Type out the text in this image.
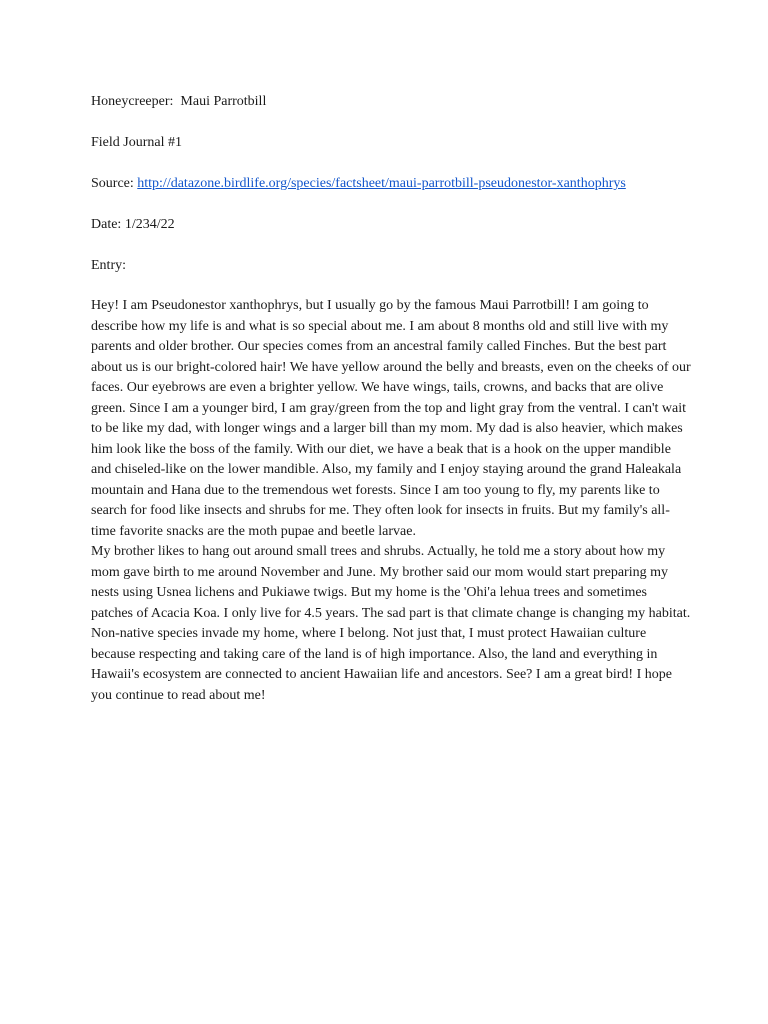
Honeycreeper: Maui Parrotbill
Field Journal #1
Source: http://datazone.birdlife.org/species/factsheet/maui-parrotbill-pseudonestor-xanthophrys
Date: 1/234/22
Entry:

Hey! I am Pseudonestor xanthophrys, but I usually go by the famous Maui Parrotbill! I am going to describe how my life is and what is so special about me. I am about 8 months old and still live with my parents and older brother. Our species comes from an ancestral family called Finches. But the best part about us is our bright-colored hair! We have yellow around the belly and breasts, even on the cheeks of our faces. Our eyebrows are even a brighter yellow. We have wings, tails, crowns, and backs that are olive green. Since I am a younger bird, I am gray/green from the top and light gray from the ventral. I can't wait to be like my dad, with longer wings and a larger bill than my mom. My dad is also heavier, which makes him look like the boss of the family. With our diet, we have a beak that is a hook on the upper mandible and chiseled-like on the lower mandible. Also, my family and I enjoy staying around the grand Haleakala mountain and Hana due to the tremendous wet forests. Since I am too young to fly, my parents like to search for food like insects and shrubs for me. They often look for insects in fruits. But my family's all-time favorite snacks are the moth pupae and beetle larvae.

My brother likes to hang out around small trees and shrubs. Actually, he told me a story about how my mom gave birth to me around November and June. My brother said our mom would start preparing my nests using Usnea lichens and Pukiawe twigs. But my home is the 'Ohi'a lehua trees and sometimes patches of Acacia Koa. I only live for 4.5 years. The sad part is that climate change is changing my habitat. Non-native species invade my home, where I belong. Not just that, I must protect Hawaiian culture because respecting and taking care of the land is of high importance. Also, the land and everything in Hawaii's ecosystem are connected to ancient Hawaiian life and ancestors. See? I am a great bird! I hope you continue to read about me!
